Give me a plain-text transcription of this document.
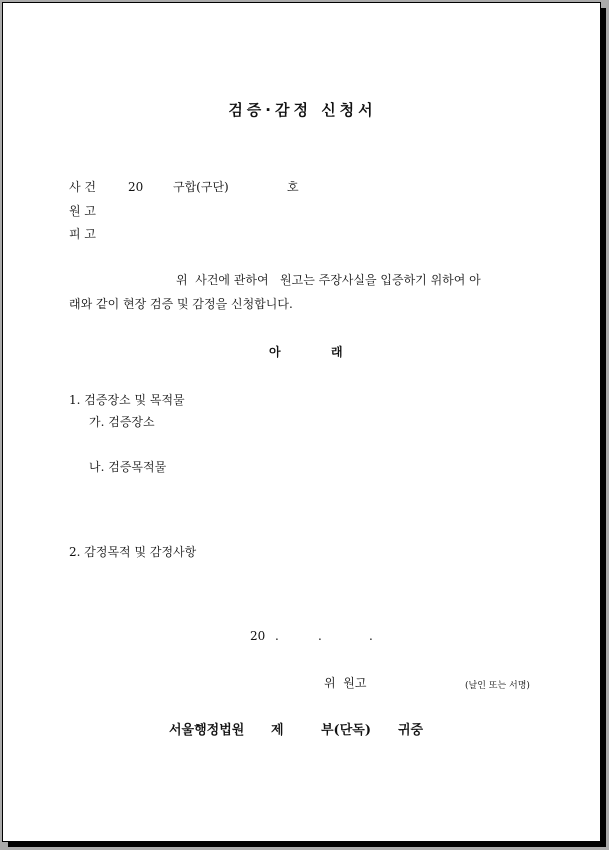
검증·감정 신청서
사 건	20 구합(구단)	호
원 고
피 고
위  사건에 관하여   원고는 주장사실을 입증하기 위하여 아
래와 같이 현장 검증 및 감정을 신청합니다.
아	래
1. 검증장소 및 목적물
가. 검증장소
나. 검증목적물
2. 감정목적 및 감정사항
20 .	.	.
위  원고	(날인 또는 서명)
서울행정법원 제	부(단독) 귀중
